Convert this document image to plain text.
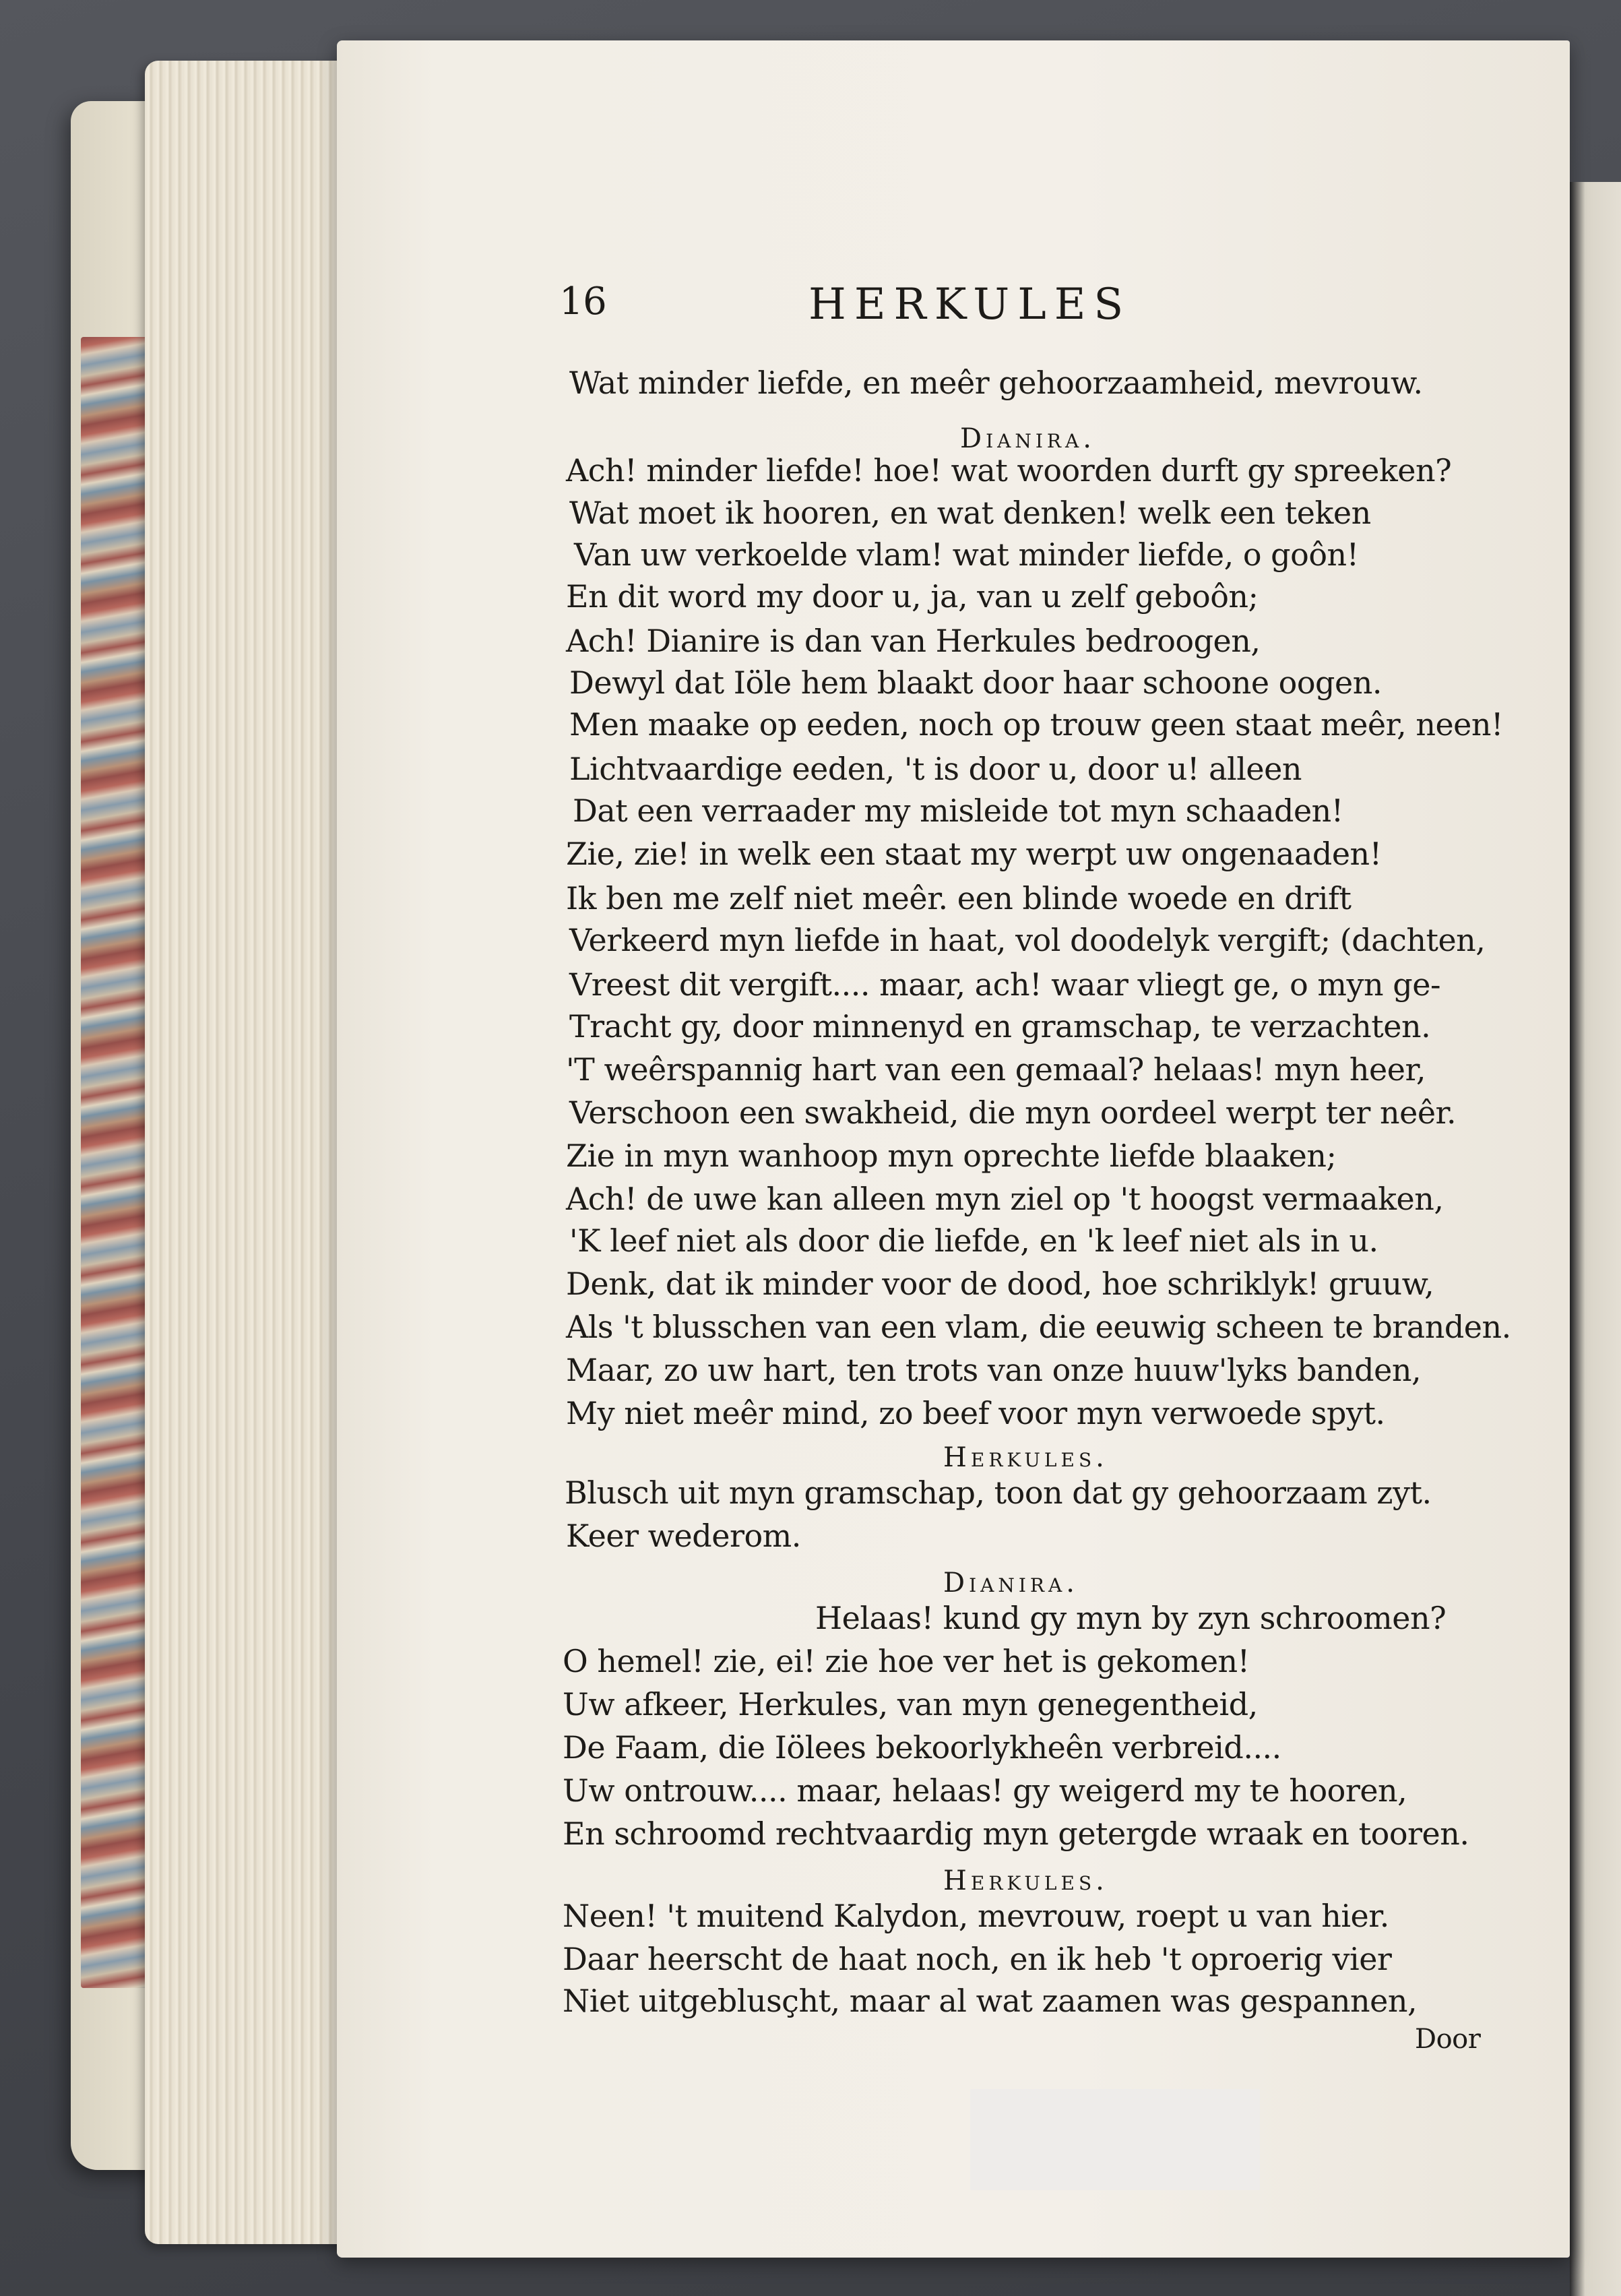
16	HERKULES
Wat minder liefde, en meêr gehoorzaamheid, mevrouw.
Dianira.
Ach! minder liefde! hoe! wat woorden durft gy spreeken?
Wat moet ik hooren, en wat denken! welk een teken
Van uw verkoelde vlam! wat minder liefde, o goôn!
En dit word my door u, ja, van u zelf geboôn;
Ach! Dianire is dan van Herkules bedroogen,
Dewyl dat Iöle hem blaakt door haar schoone oogen.
Men maake op eeden, noch op trouw geen staat meêr, neen!
Lichtvaardige eeden, 't is door u, door u! alleen
Dat een verraader my misleide tot myn schaaden!
Zie, zie! in welk een staat my werpt uw ongenaaden!
Ik ben me zelf niet meêr. een blinde woede en drift
Verkeerd myn liefde in haat, vol doodelyk vergift; (dachten,
Vreest dit vergift.... maar, ach! waar vliegt ge, o myn ge-
Tracht gy, door minnenyd en gramschap, te verzachten.
'T weêrspannig hart van een gemaal? helaas! myn heer,
Verschoon een swakheid, die myn oordeel werpt ter neêr.
Zie in myn wanhoop myn oprechte liefde blaaken;
Ach! de uwe kan alleen myn ziel op 't hoogst vermaaken,
'K leef niet als door die liefde, en 'k leef niet als in u.
Denk, dat ik minder voor de dood, hoe schriklyk! gruuw,
Als 't blusschen van een vlam, die eeuwig scheen te branden.
Maar, zo uw hart, ten trots van onze huuw'lyks banden,
My niet meêr mind, zo beef voor myn verwoede spyt.
Herkules.
Blusch uit myn gramschap, toon dat gy gehoorzaam zyt.
Keer wederom.
Dianira.
Helaas! kund gy myn by zyn schroomen?
O hemel! zie, ei! zie hoe ver het is gekomen!
Uw afkeer, Herkules, van myn genegentheid,
De Faam, die Iölees bekoorlykheên verbreid....
Uw ontrouw.... maar, helaas! gy weigerd my te hooren,
En schroomd rechtvaardig myn getergde wraak en tooren.
Herkules.
Neen! 't muitend Kalydon, mevrouw, roept u van hier.
Daar heerscht de haat noch, en ik heb 't oproerig vier
Niet uitgeblusçht, maar al wat zaamen was gespannen,
Door
